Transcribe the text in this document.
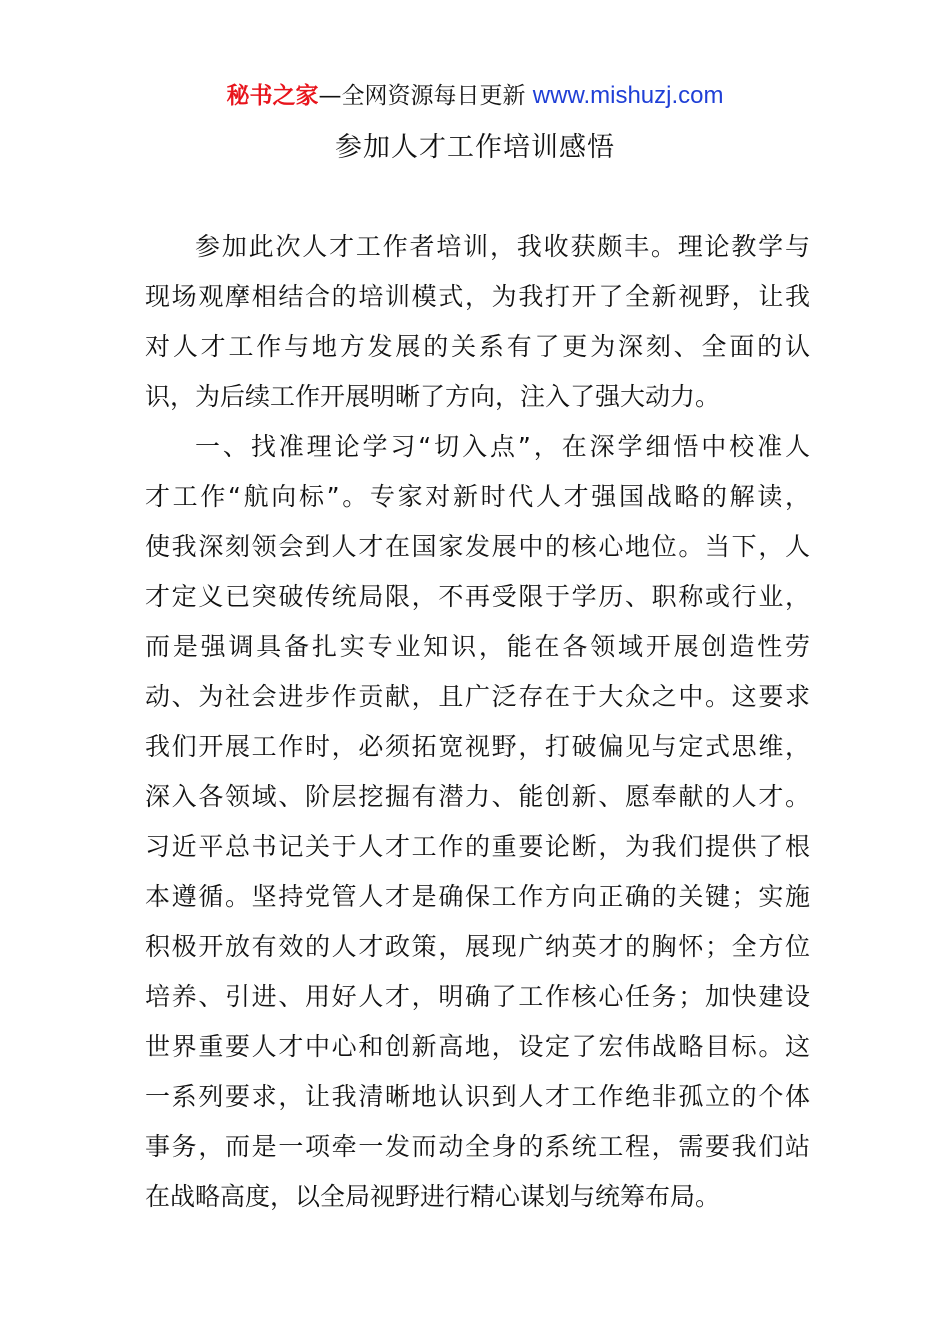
秘书之家—全网资源每日更新 www.mishuzj.com
参加人才工作培训感悟
参加此次人才工作者培训，我收获颇丰。理论教学与
现场观摩相结合的培训模式，为我打开了全新视野，让我
对人才工作与地方发展的关系有了更为深刻、全面的认
识，为后续工作开展明晰了方向，注入了强大动力。
一、找准理论学习“切入点”，在深学细悟中校准人
才工作“航向标”。专家对新时代人才强国战略的解读，
使我深刻领会到人才在国家发展中的核心地位。当下，人
才定义已突破传统局限，不再受限于学历、职称或行业，
而是强调具备扎实专业知识，能在各领域开展创造性劳
动、为社会进步作贡献，且广泛存在于大众之中。这要求
我们开展工作时，必须拓宽视野，打破偏见与定式思维，
深入各领域、阶层挖掘有潜力、能创新、愿奉献的人才。
习近平总书记关于人才工作的重要论断，为我们提供了根
本遵循。坚持党管人才是确保工作方向正确的关键；实施
积极开放有效的人才政策，展现广纳英才的胸怀；全方位
培养、引进、用好人才，明确了工作核心任务；加快建设
世界重要人才中心和创新高地，设定了宏伟战略目标。这
一系列要求，让我清晰地认识到人才工作绝非孤立的个体
事务，而是一项牵一发而动全身的系统工程，需要我们站
在战略高度，以全局视野进行精心谋划与统筹布局。
